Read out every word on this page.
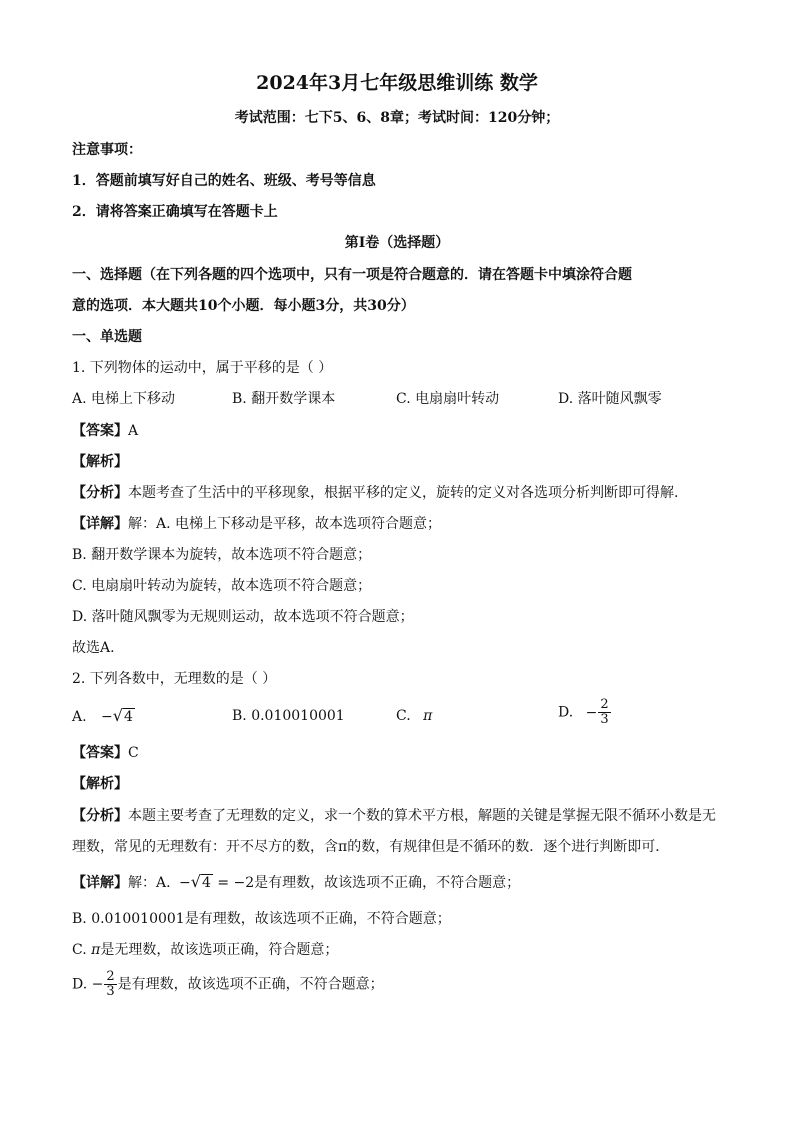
2024年3月七年级思维训练 数学
考试范围：七下5、6、8章；考试时间：120分钟；
注意事项：
1．答题前填写好自己的姓名、班级、考号等信息
2．请将答案正确填写在答题卡上
第Ⅰ卷（选择题）
一、选择题（在下列各题的四个选项中，只有一项是符合题意的．请在答题卡中填涂符合题
意的选项．本大题共10个小题．每小题3分，共30分）
一、单选题
1. 下列物体的运动中，属于平移的是（ ）
A. 电梯上下移动	B. 翻开数学课本	C. 电扇扇叶转动	D. 落叶随风飘零
【答案】A
【解析】
【分析】本题考查了生活中的平移现象，根据平移的定义，旋转的定义对各选项分析判断即可得解.
【详解】解：A. 电梯上下移动是平移，故本选项符合题意；
B. 翻开数学课本为旋转，故本选项不符合题意；
C. 电扇扇叶转动为旋转，故本选项不符合题意；
D. 落叶随风飘零为无规则运动，故本选项不符合题意；
故选A.
2. 下列各数中，无理数的是（ ）
A. −√4	B. 0.010010001	C. π	D. − $\frac{2}{3}$
【答案】C
【解析】
【分析】本题主要考查了无理数的定义，求一个数的算术平方根，解题的关键是掌握无限不循环小数是无
理数，常见的无理数有：开不尽方的数，含π的数，有规律但是不循环的数．逐个进行判断即可．
【详解】解：A. −√4 = −2是有理数，故该选项不正确，不符合题意；
B. 0.010010001是有理数，故该选项不正确，不符合题意；
C. π是无理数，故该选项正确，符合题意；
D. − $\frac{2}{3}$ 是有理数，故该选项不正确，不符合题意；
